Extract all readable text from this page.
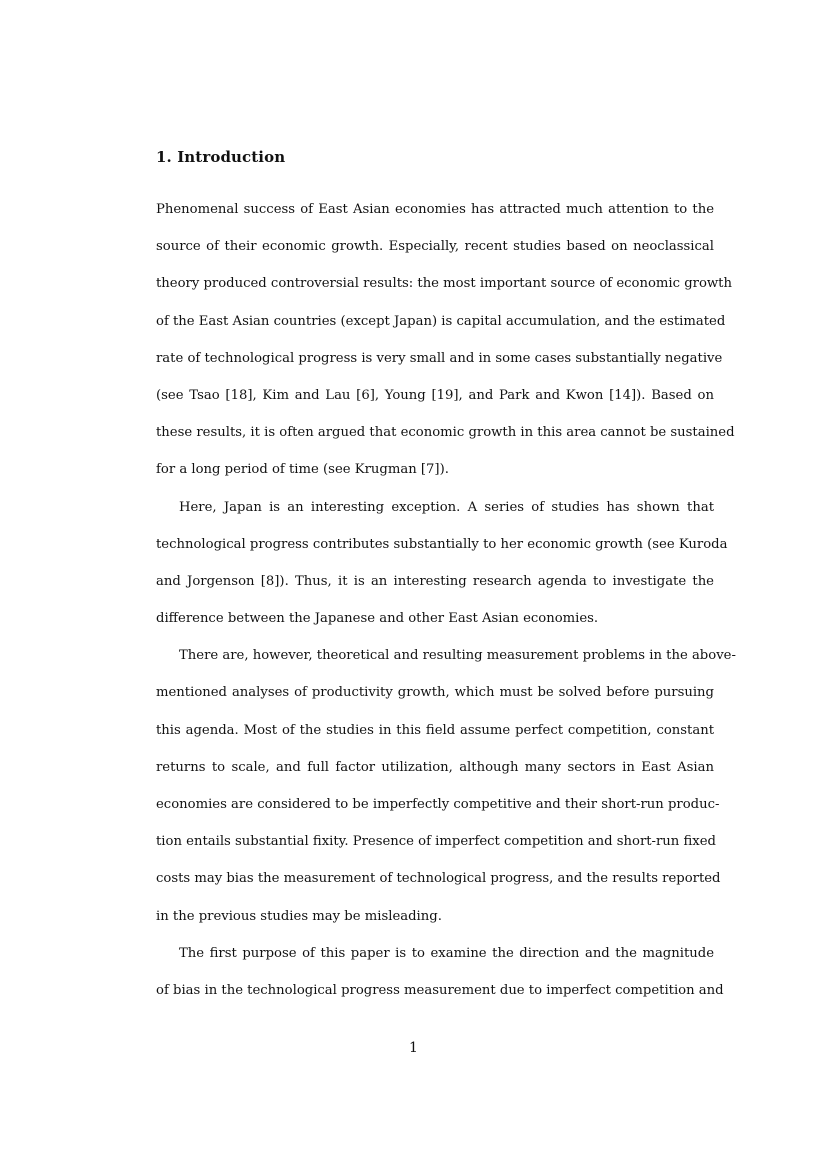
1. Introduction
Phenomenal success of East Asian economies has attracted much attention to the
source of their economic growth. Especially, recent studies based on neoclassical
theory produced controversial results: the most important source of economic growth
of the East Asian countries (except Japan) is capital accumulation, and the estimated
rate of technological progress is very small and in some cases substantially negative
(see Tsao [18], Kim and Lau [6], Young [19], and Park and Kwon [14]). Based on
these results, it is often argued that economic growth in this area cannot be sustained
for a long period of time (see Krugman [7]).
Here, Japan is an interesting exception. A series of studies has shown that
technological progress contributes substantially to her economic growth (see Kuroda
and Jorgenson [8]). Thus, it is an interesting research agenda to investigate the
difference between the Japanese and other East Asian economies.
There are, however, theoretical and resulting measurement problems in the above-
mentioned analyses of productivity growth, which must be solved before pursuing
this agenda. Most of the studies in this field assume perfect competition, constant
returns to scale, and full factor utilization, although many sectors in East Asian
economies are considered to be imperfectly competitive and their short-run produc-
tion entails substantial fixity. Presence of imperfect competition and short-run fixed
costs may bias the measurement of technological progress, and the results reported
in the previous studies may be misleading.
The first purpose of this paper is to examine the direction and the magnitude
of bias in the technological progress measurement due to imperfect competition and
1
